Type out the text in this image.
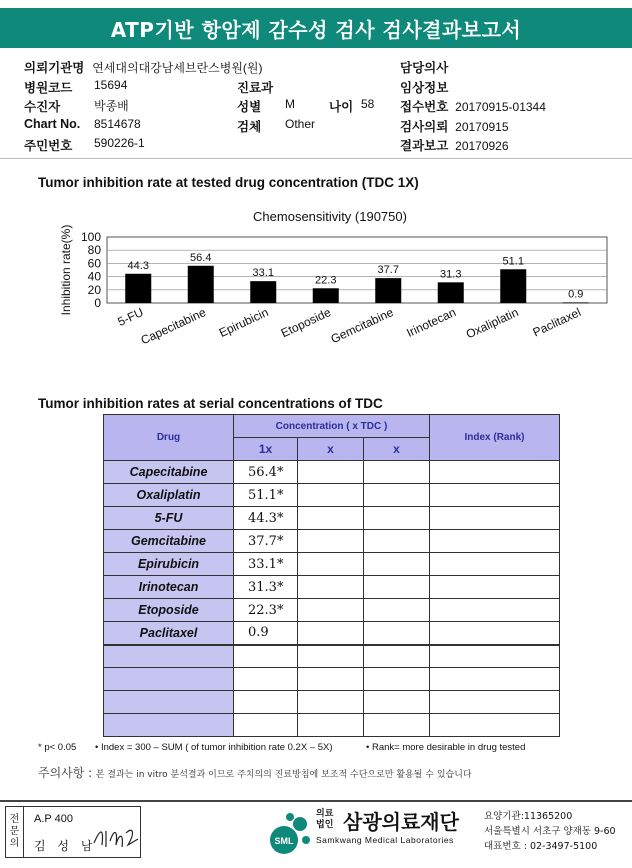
ATP기반 항암제 감수성 검사 검사결과보고서
의뢰기관명 연세대의대강남세브란스병원(원)
병원코드 15694
수진자	박종배
Chart No. 8514678
주민번호 590226-1
진료과
성별 M	나이 58
검체 Other
담당의사
임상정보
접수번호 20170915-01344
검사의뢰 20170915
결과보고 20170926
Tumor inhibition rate at tested drug concentration (TDC 1X)
Chemosensitivity (190750)
Inhibition rate(%) 0
20
40
60
80
100
44.3
5-FU
56.4
Capecitabine
33.1
Epirubicin
22.3
Etoposide
37.7
Gemcitabine
31.3
Irinotecan
51.1
Oxaliplatin
0.9
Paclitaxel
Tumor inhibition rates at serial concentrations of TDC
Drug	Concentration ( x TDC )			Index (Rank)
	1x	x	x	
Capecitabine	56.4*			
Oxaliplatin	51.1*			
5-FU	44.3*			
Gemcitabine	37.7*			
Epirubicin	33.1*			
Irinotecan	31.3*			
Etoposide	22.3*			
Paclitaxel	0.9			

* p< 0.05 • Index = 300 – SUM ( of tumor inhibition rate 0.2X – 5X)	• Rank= more desirable in drug tested
주의사항 : 본 결과는 in vitro 분석결과 이므로 주치의의 진료방침에 보조적 수단으로만 활용될 수 있습니다
전
문
의
A.P 400
김 성 남	SML
의료
법인 삼광의료재단
Samkwang Medical Laboratories
요양기관:11365200
서울특별시 서초구 양재동 9-60
대표번호 : 02-3497-5100
